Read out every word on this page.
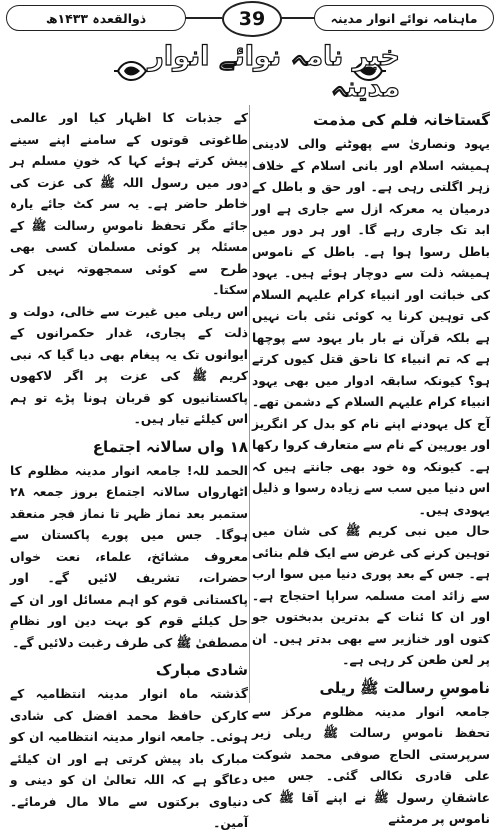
ذوالقعدہ ۱۴۳۳ھ	ماہنامہ نوائے انوار مدینہ
39
خبر نامہ نوائے انوار مدینہ
گستاخانہ فلم کی مذمت

یہود ونصاریٰ سے پھوٹنے والی لادینی ہمیشہ اسلام اور بانی اسلام کے خلاف زہر اگلتی رہی ہے۔ اور حق و باطل کے درمیان یہ معرکہ ازل سے جاری ہے اور ابد تک جاری رہے گا۔ اور ہر دور میں باطل رسوا ہوا ہے۔ باطل کے ناموس ہمیشہ ذلت سے دوچار ہوئے ہیں۔ یہود کی خباثت اور انبیاء کرام علیہم السلام کی توہین کرنا یہ کوئی نئی بات نہیں ہے بلکہ قرآن نے بار بار یہود سے پوچھا ہے کہ تم انبیاء کا ناحق قتل کیوں کرتے ہو؟ کیونکہ سابقہ ادوار میں بھی یہود انبیاء کرام علیہم السلام کے دشمن تھے۔ آج کل یہودنے اپنے نام کو بدل کر انگریز اور یورپین کے نام سے متعارف کروا رکھا ہے۔ کیونکہ وہ خود بھی جانتے ہیں کہ اس دنیا میں سب سے زیادہ رسوا و ذلیل یہودی ہیں۔

حال میں نبی کریم ﷺ کی شان میں توہین کرنے کی غرض سے ایک فلم بنائی ہے۔ جس کے بعد پوری دنیا میں سوا ارب سے زائد امت مسلمہ سراپا احتجاج ہے۔ اور ان کا ئنات کے بدترین بدبختوں جو کتوں اور خنازیر سے بھی بدتر ہیں۔ ان پر لعن طعن کر رہی ہے۔

ناموسِ رسالت ﷺ ریلی

جامعہ انوار مدینہ مظلوم مرکز سے تحفظ ناموسِ رسالت ﷺ ریلی زیر سرپرستی الحاج صوفی محمد شوکت علی قادری نکالی گئی۔ جس میں عاشقانِ رسول ﷺ نے اپنے آقا ﷺ کی ناموس پر مرمٹنے

کے جذبات کا اظہار کیا اور عالمی طاغوتی قوتوں کے سامنے اپنے سینے پیش کرتے ہوئے کہا کہ خونِ مسلم ہر دور میں رسول اللہ ﷺ کی عزت کی خاطر حاضر ہے۔ یہ سر کٹ جائے یارہ جائے مگر تحفظ ناموسِ رسالت ﷺ کے مسئلہ پر کوئی مسلمان کسی بھی طرح سے کوئی سمجھوتہ نہیں کر سکتا۔

اس ریلی میں غیرت سے خالی، دولت و ذلت کے پجاری، غدار حکمرانوں کے ایوانوں تک یہ پیغام بھی دیا گیا کہ نبی کریم ﷺ کی عزت پر اگر لاکھوں پاکستانیوں کو قربان ہونا پڑے تو ہم اس کیلئے تیار ہیں۔

۱۸ واں سالانہ اجتماع

الحمد للہ! جامعہ انوار مدینہ مظلوم کا اٹھارواں سالانہ اجتماع بروز جمعہ ۲۸ ستمبر بعد نماز ظہر تا نماز فجر منعقد ہوگا۔ جس میں پورے پاکستان سے معروف مشائخ، علماء، نعت خواں حضرات، تشریف لائیں گے۔ اور پاکستانی قوم کو اہم مسائل اور ان کے حل کیلئے قوم کو بہت دین اور نظامِ مصطفیٰ ﷺ کی طرف رغبت دلائیں گے۔

شادی مبارک

گذشتہ ماہ انوار مدینہ انتظامیہ کے کارکن حافظ محمد افضل کی شادی ہوئی۔ جامعہ انوار مدینہ انتظامیہ ان کو مبارک باد پیش کرتی ہے اور ان کیلئے دعاگو ہے کہ اللہ تعالیٰ ان کو دینی و دنیاوی برکتوں سے مالا مال فرمائے۔ آمین۔
